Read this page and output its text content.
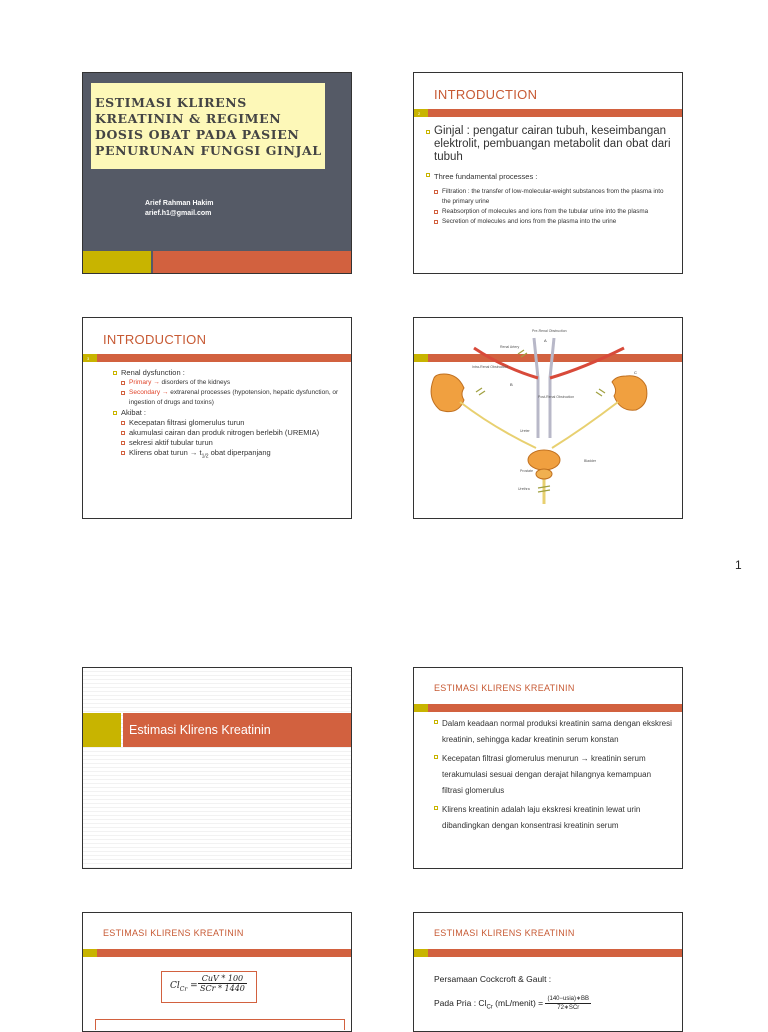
ESTIMASI KLIRENS KREATININ & REGIMEN DOSIS OBAT PADA PASIEN PENURUNAN FUNGSI GINJAL
Arief Rahman Hakim
arief.h1@gmail.com
INTRODUCTION
2
Ginjal : pengatur cairan tubuh, keseimbangan elektrolit, pembuangan metabolit dan obat dari tubuh
Three fundamental processes :
Filtration : the transfer of low-molecular-weight substances from the plasma into the primary urine
Reabsorption of molecules and ions from the tubular urine into the plasma
Secretion of molecules and ions from the plasma into the urine
INTRODUCTION
3
Renal dysfunction :
Primary → disorders of the kidneys
Secondary → extrarenal processes (hypotension, hepatic dysfunction, or ingestion of drugs and toxins)
Akibat :
Kecepatan filtrasi glomerulus turun
akumulasi cairan dan produk nitrogen berlebih (UREMIA)
sekresi aktif tubular turun
Klirens obat turun → $t_{1/2}$ obat diperpanjang
Pre-Renal Obstruction
Renal Artery
Intra-Renal Obstruction
Post-Renal Obstruction
Ureter
Bladder
Prostate
Urethra
A
B
C
1
Estimasi Klirens Kreatinin
ESTIMASI KLIRENS KREATININ
Dalam keadaan normal produksi kreatinin sama dengan ekskresi kreatinin, sehingga kadar kreatinin serum konstan
Kecepatan filtrasi glomerulus menurun → kreatinin serum terakumulasi sesuai dengan derajat hilangnya kemampuan filtrasi glomerulus
Klirens kreatinin adalah laju ekskresi kreatinin lewat urin dibandingkan dengan konsentrasi kreatinin serum
ESTIMASI KLIRENS KREATININ
$Cl_{Cr}$ =
CuV * 100
SCr * 1440
ESTIMASI KLIRENS KREATININ
Persamaan Cockcroft & Gault :
Pada Pria : $Cl_{Cr}$ (mL/menit) = $\frac{\text{(140−usia)∗BB}}{\text{72∗SCr}}$
